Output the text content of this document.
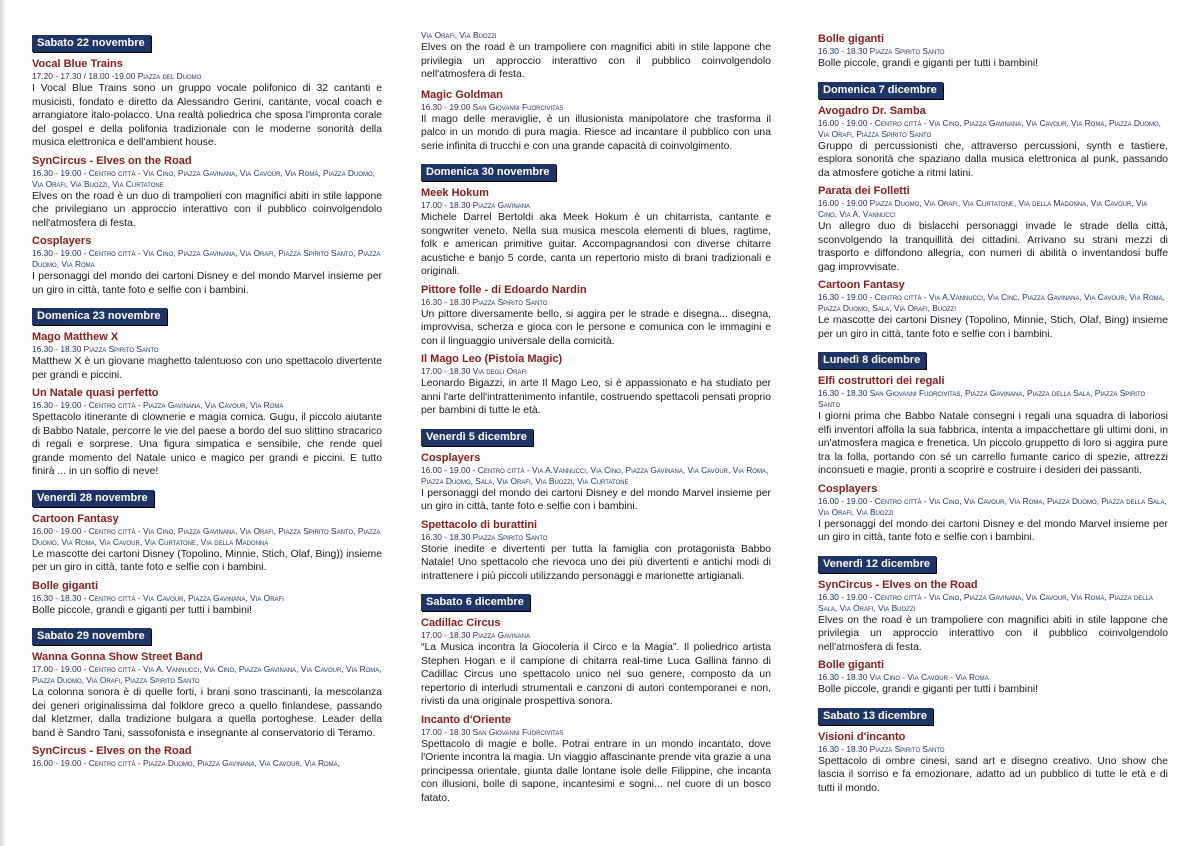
Sabato 22 novembre
Vocal Blue Trains
17.20 - 17.30 / 18.00 -19.00 Piazza del Duomo
I Vocal Blue Trains sono un gruppo vocale polifonico di 32 cantanti e musicisti, fondato e diretto da Alessandro Gerini, cantante, vocal coach e arrangiatore italo-polacco. Una realtà poliedrica che sposa l'impronta corale del gospel e della polifonia tradizionale con le moderne sonorità della musica elettronica e dell'ambient house.
SynCircus - Elves on the Road
16.30 - 19.00 - Centro città - Via Cino, Piazza Gavinana, Via Cavour, Via Roma, Piazza Duomo, Via Orafi, Via Buozzi, Via Curtatone
Elves on the road è un duo di trampolieri con magnifici abiti in stile lappone che privilegiano un approccio interattivo con il pubblico coinvolgendolo nell'atmosfera di festa.
Cosplayers
16.30 - 19.00 - Centro città - Via Cino, Piazza Gavinana, Via Orafi, Piazza Spirito Santo, Piazza Duomo, Via Roma
I personaggi del mondo dei cartoni Disney e del mondo Marvel insieme per un giro in città, tante foto e selfie con i bambini.
Domenica 23 novembre
Mago Matthew X
16.30 - 18.30 Piazza Spirito Santo
Matthew X è un giovane maghetto talentuoso con uno spettacolo divertente per grandi e piccini.
Un Natale quasi perfetto
16.30 - 19.00 - Centro città - Piazza Gavinana, Via Cavour, Via Roma
Spettacolo itinerante di clownerie e magia comica. Gugu, il piccolo aiutante di Babbo Natale, percorre le vie del paese a bordo del suo slittino stracarico di regali e sorprese. Una figura simpatica e sensibile, che rende quel grande momento del Natale unico e magico per grandi e piccini. E tutto finirà ... in un soffio di neve!
Venerdì 28 novembre
Cartoon Fantasy
16.00 - 19.00 - Centro città - Via Cino, Piazza Gavinana, Via Orafi, Piazza Spirito Santo, Piazza Duomo, Via Roma, Via Cavour, Via Curtatone, Via della Madonna
Le mascotte dei cartoni Disney (Topolino, Minnie, Stich, Olaf, Bing)) insieme per un giro in città, tante foto e selfie con i bambini.
Bolle giganti
16.30 - 18.30 - Centro città - Via Cavour, Piazza Gavinana, Via Orafi
Bolle piccole, grandi e giganti per tutti i bambini!
Sabato 29 novembre
Wanna Gonna Show Street Band
17.00 - 19.00 - Centro città - Via A. Vannucci, Via Cino, Piazza Gavinana, Via Cavour, Via Roma, Piazza Duomo, Via Orafi, Piazza Spirito Santo
La colonna sonora è di quelle forti, i brani sono trascinanti, la mescolanza dei generi originalissima dal folklore greco a quello finlandese, passando dal kletzmer, dalla tradizione bulgara a quella portoghese. Leader della band è Sandro Tani, sassofonista e insegnante al conservatorio di Teramo.
SynCircus - Elves on the Road
16.00 - 19.00 - Centro città - Piazza Duomo, Piazza Gavinana, Via Cavour, Via Roma,
Via Orafi, Via Buozzi
Elves on the road è un trampoliere con magnifici abiti in stile lappone che privilegia un approccio interattivo con il pubblico coinvolgendolo nell'atmosfera di festa.
Magic Goldman
16.30 - 19.00 San Giovanni Fuorcivitas
Il mago delle meraviglie, è un illusionista manipolatore che trasforma il palco in un mondo di pura magia. Riesce ad incantare il pubblico con una serie infinita di trucchi e con una grande capacità di coinvolgimento.
Domenica 30 novembre
Meek Hokum
17.00 - 18.30 Piazza Gavinana
Michele Darrel Bertoldi aka Meek Hokum è un chitarrista, cantante e songwriter veneto. Nella sua musica mescola elementi di blues, ragtime, folk e american primitive guitar. Accompagnandosi con diverse chitarre acustiche e banjo 5 corde, canta un repertorio misto di brani tradizionali e originali.
Pittore folle - di Edoardo Nardin
16.30 - 18.30 Piazza Spirito Santo
Un pittore diversamente bello, si aggira per le strade e disegna... disegna, improvvisa, scherza e gioca con le persone e comunica con le immagini e con il linguaggio universale della comicità.
Il Mago Leo (Pistoia Magic)
17.00 - 18.30 Via degli Orafi
Leonardo Bigazzi, in arte Il Mago Leo, si è appassionato e ha studiato per anni l'arte dell'intrattenimento infantile, costruendo spettacoli pensati proprio per bambini di tutte le età.
Venerdì 5 dicembre
Cosplayers
16.00 - 19.00 - Centro città - Via A.Vannucci, Via Cino, Piazza Gavinana, Via Cavour, Via Roma, Piazza Duomo, Sala, Via Orafi, Via Buozzi, Via Curtatone
I personaggi del mondo dei cartoni Disney e del mondo Marvel insieme per un giro in città, tante foto e selfie con i bambini.
Spettacolo di burattini
16.30 - 18.30 Piazza Spirito Santo
Storie inedite e divertenti per tutta la famiglia con protagonista Babbo Natale! Uno spettacolo che rievoca uno dei più divertenti e antichi modi di intrattenere i più piccoli utilizzando personaggi e marionette artigianali.
Sabato 6 dicembre
Cadillac Circus
17.00 - 18.30 Piazza Gavinana
“La Musica incontra la Giocoleria il Circo e la Magia”. Il poliedrico artista Stephen Hogan e il campione di chitarra real-time Luca Gallina fanno di Cadillac Circus uno spettacolo unico nel suo genere, composto da un repertorio di interludi strumentali e canzoni di autori contemporanei e non, rivisti da una originale prospettiva sonora.
Incanto d'Oriente
17.00 - 18.30 San Giovanni Fuorcivitas
Spettacolo di magie e bolle. Potrai entrare in un mondo incantato, dove l'Oriente incontra la magia. Un viaggio affascinante prende vita grazie a una principessa orientale, giunta dalle lontane isole delle Filippine, che incanta con illusioni, bolle di sapone, incantesimi e sogni... nel cuore di un bosco fatato.
Bolle giganti
16.30 - 18.30 Piazza Spirito Santo
Bolle piccole, grandi e giganti per tutti i bambini!
Domenica 7 dicembre
Avogadro Dr. Samba
16.00 - 19.00 - Centro città - Via Cino, Piazza Gavinana, Via Cavour, Via Roma, Piazza Duomo, Via Orafi, Piazza Spirito Santo
Gruppo di percussionisti che, attraverso percussioni, synth e tastiere, esplora sonorità che spaziano dalla musica elettronica al punk, passando da atmosfere gotiche a ritmi latini.
Parata dei Folletti
16.00 - 19.00 Piazza Duomo, Via Orafi, Via Curtatone, Via della Madonna, Via Cavour, Via Cino, Via A. Vannucci
Un allegro duo di bislacchi personaggi invade le strade della città, sconvolgendo la tranquillità dei cittadini. Arrivano su strani mezzi di trasporto e diffondono allegria, con numeri di abilità o inventandosi buffe gag improvvisate.
Cartoon Fantasy
16.30 - 19.00 - Centro città - Via A.Vannucci, Via Cinc, Piazza Gavinana, Via Cavour, Via Roma, Piazza Duomo, Sala, Via Orafi, Buozzi
Le mascotte dei cartoni Disney (Topolino, Minnie, Stich, Olaf, Bing) insieme per un giro in città, tante foto e selfie con i bambini.
Lunedì 8 dicembre
Elfi costruttori dei regali
16.30 - 18.30 San Giovanni Fuorcivitas, Piazza Gavinana, Piazza della Sala, Piazza Spirito Santo
I giorni prima che Babbo Natale consegni i regali una squadra di laboriosi elfi inventori affolla la sua fabbrica, intenta a impacchettare gli ultimi doni, in un'atmosfera magica e frenetica. Un piccolo gruppetto di loro si aggira pure tra la folla, portando con sé un carrello fumante carico di spezie, attrezzi inconsueti e magie, pronti a scoprire e costruire i desideri dei passanti.
Cosplayers
16.00 - 19.00 - Centro città - Via Cino, Via Cavour, Via Roma, Piazza Duomo, Piazza della Sala, Via Orafi, Via Buozzi
I personaggi del mondo dei cartoni Disney e del mondo Marvel insieme per un giro in città, tante foto e selfie con i bambini.
Venerdì 12 dicembre
SynCircus - Elves on the Road
16.30 - 19.00 - Centro città - Via Cino, Piazza Gavinana, Via Cavour, Via Roma, Piazza della Sala, Via Orafi, Via Buozzi
Elves on the road è un trampoliere con magnifici abiti in stile lappone che privilegia un approccio interattivo con il pubblico coinvolgendolo nell'atmosfera di festa.
Bolle giganti
16.30 - 18.30 Via Cino - Via Cavour - Via Roma
Bolle piccole, grandi e giganti per tutti i bambini!
Sabato 13 dicembre
Visioni d'incanto
16.30 - 18.30 Piazza Spirito Santo
Spettacolo di ombre cinesi, sand art e disegno creativo. Uno show che lascia il sorriso e fa emozionare, adatto ad un pubblico di tutte le età e di tutti il mondo.
